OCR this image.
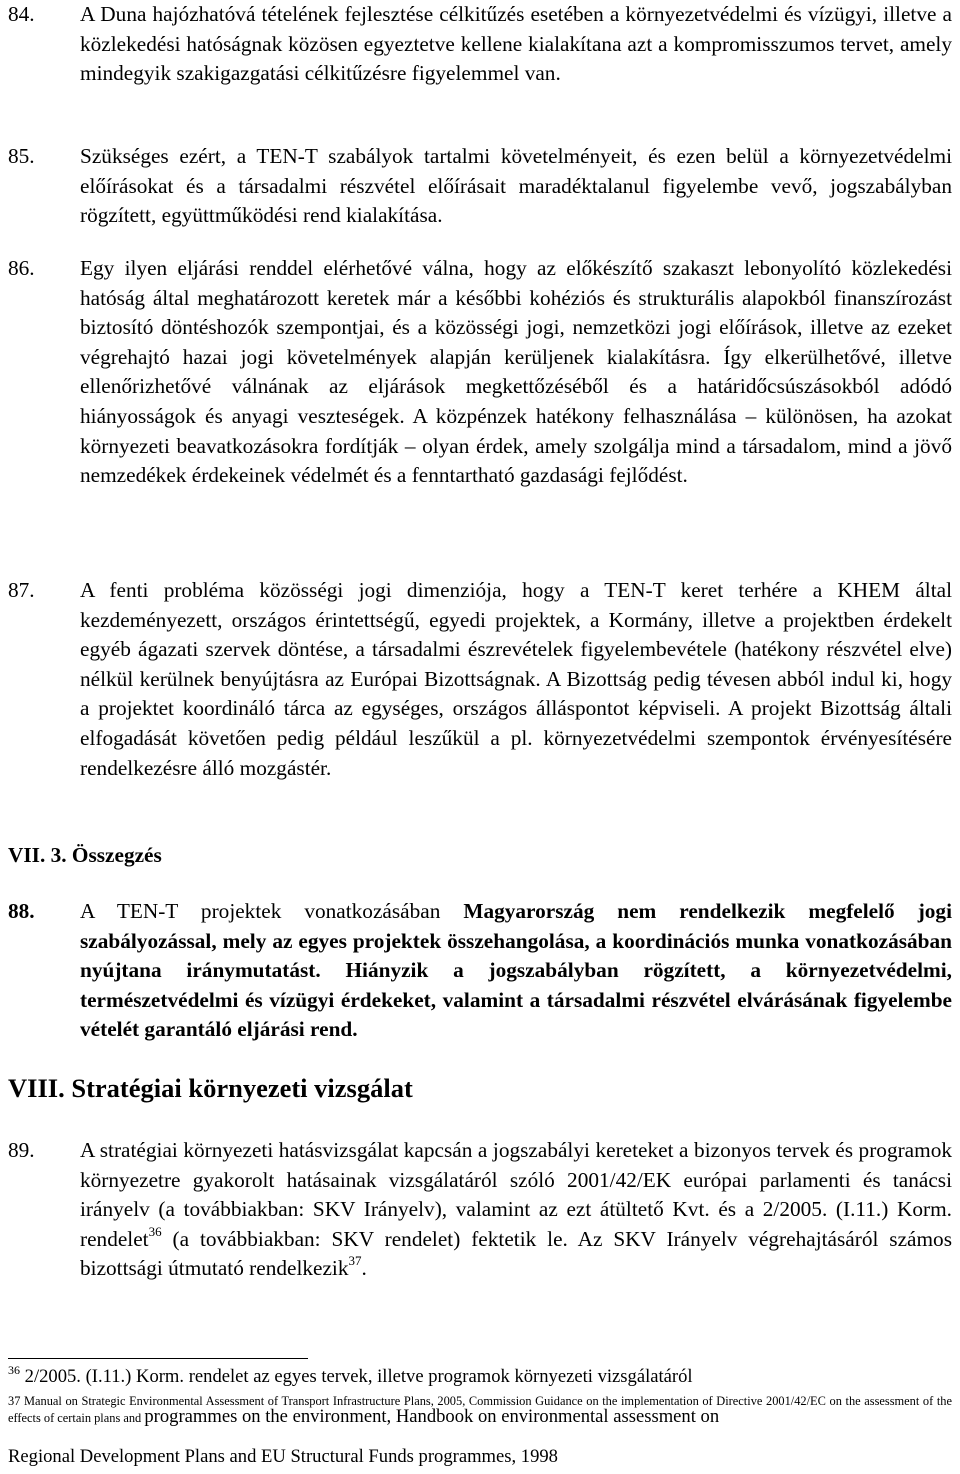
84. A Duna hajózhatóvá tételének fejlesztése célkitűzés esetében a környezetvédelmi és vízügyi, illetve a közlekedési hatóságnak közösen egyeztetve kellene kialakítana azt a kompromisszumos tervet, amely mindegyik szakigazgatási célkitűzésre figyelemmel van.
85. Szükséges ezért, a TEN-T szabályok tartalmi követelményeit, és ezen belül a környezetvédelmi előírásokat és a társadalmi részvétel előírásait maradéktalanul figyelembe vevő, jogszabályban rögzített, együttműködési rend kialakítása.
86. Egy ilyen eljárási renddel elérhetővé válna, hogy az előkészítő szakaszt lebonyolító közlekedési hatóság által meghatározott keretek már a későbbi kohéziós és strukturális alapokból finanszírozást biztosító döntéshozók szempontjai, és a közösségi jogi, nemzetközi jogi előírások, illetve az ezeket végrehajtó hazai jogi követelmények alapján kerüljenek kialakításra. Így elkerülhetővé, illetve ellenőrizhetővé válnának az eljárások megkettőzéséből és a határidőcsúszásokból adódó hiányosságok és anyagi veszteségek. A közpénzek hatékony felhasználása – különösen, ha azokat környezeti beavatkozásokra fordítják – olyan érdek, amely szolgálja mind a társadalom, mind a jövő nemzedékek érdekeinek védelmét és a fenntartható gazdasági fejlődést.
87. A fenti probléma közösségi jogi dimenziója, hogy a TEN-T keret terhére a KHEM által kezdeményezett, országos érintettségű, egyedi projektek, a Kormány, illetve a projektben érdekelt egyéb ágazati szervek döntése, a társadalmi észrevételek figyelembevétele (hatékony részvétel elve) nélkül kerülnek benyújtásra az Európai Bizottságnak. A Bizottság pedig tévesen abból indul ki, hogy a projektet koordináló tárca az egységes, országos álláspontot képviseli. A projekt Bizottság általi elfogadását követően pedig például leszűkül a pl. környezetvédelmi szempontok érvényesítésére rendelkezésre álló mozgástér.
VII. 3. Összegzés
88. A TEN-T projektek vonatkozásában Magyarország nem rendelkezik megfelelő jogi szabályozással, mely az egyes projektek összehangolása, a koordinációs munka vonatkozásában nyújtana iránymutatást. Hiányzik a jogszabályban rögzített, a környezetvédelmi, természetvédelmi és vízügyi érdekeket, valamint a társadalmi részvétel elvárásának figyelembe vételét garantáló eljárási rend.
VIII. Stratégiai környezeti vizsgálat
89. A stratégiai környezeti hatásvizsgálat kapcsán a jogszabályi kereteket a bizonyos tervek és programok környezetre gyakorolt hatásainak vizsgálatáról szóló 2001/42/EK európai parlamenti és tanácsi irányelv (a továbbiakban: SKV Irányelv), valamint az ezt átültető Kvt. és a 2/2005. (I.11.) Korm. rendelet$^{36}$ (a továbbiakban: SKV rendelet) fektetik le. Az SKV Irányelv végrehajtásáról számos bizottsági útmutató rendelkezik$^{37}$.
$^{36}$ 2/2005. (I.11.) Korm. rendelet az egyes tervek, illetve programok környezeti vizsgálatáról
37 Manual on Strategic Environmental Assessment of Transport Infrastructure Plans, 2005, Commission Guidance on the implementation of Directive 2001/42/EC on the assessment of the effects of certain plans and programmes on the environment, Handbook on environmental assessment on
Regional Development Plans and EU Structural Funds programmes, 1998
